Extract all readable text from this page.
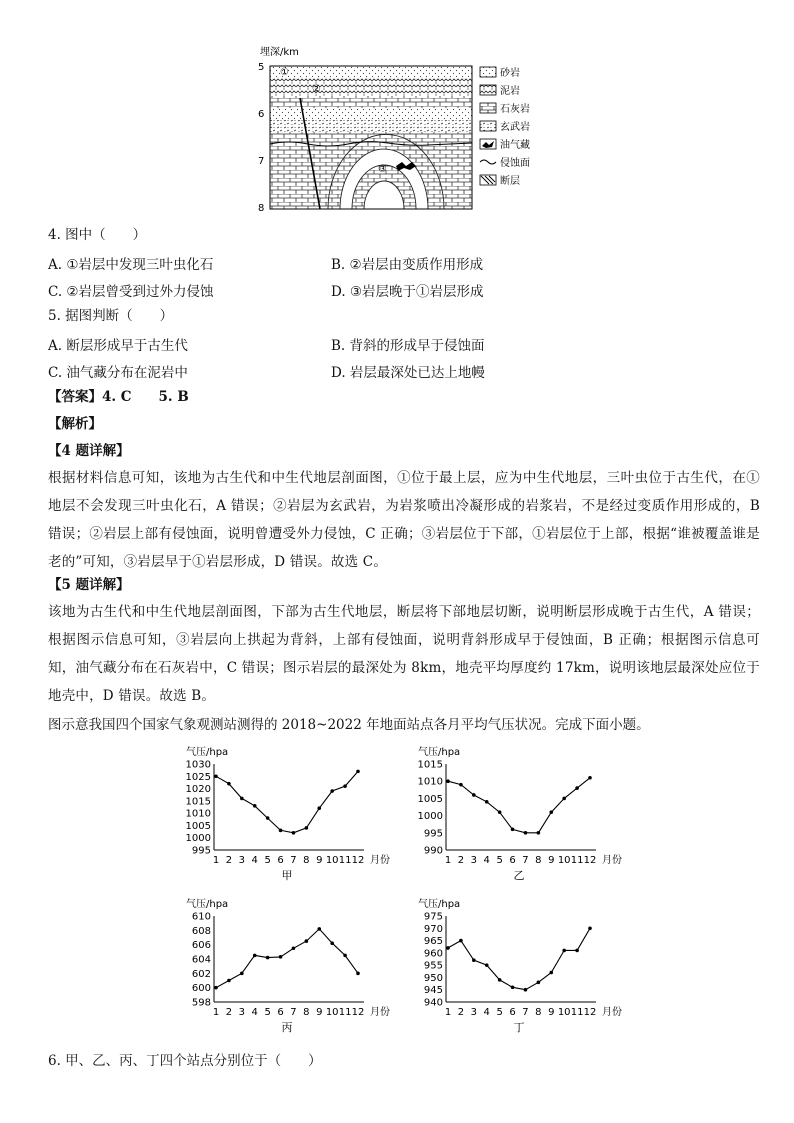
埋深/km
5
6
7
8
①
②
③
砂岩
泥岩
石灰岩
玄武岩
油气藏
侵蚀面
断层
4. 图中（　　）
A. ①岩层中发现三叶虫化石	B. ②岩层由变质作用形成
C. ②岩层曾受到过外力侵蚀	D. ③岩层晚于①岩层形成
5. 据图判断（　　）
A. 断层形成早于古生代	B. 背斜的形成早于侵蚀面
C. 油气藏分布在泥岩中	D. 岩层最深处已达上地幔
【答案】4. C　　5. B
【解析】
【4 题详解】
根据材料信息可知，该地为古生代和中生代地层剖面图，①位于最上层，应为中生代地层，三叶虫位于古生代，在①地层不会发现三叶虫化石，A 错误；②岩层为玄武岩，为岩浆喷出冷凝形成的岩浆岩，不是经过变质作用形成的，B 错误；②岩层上部有侵蚀面，说明曾遭受外力侵蚀，C 正确；③岩层位于下部，①岩层位于上部，根据“谁被覆盖谁是老的”可知，③岩层早于①岩层形成，D 错误。故选 C。
【5 题详解】
该地为古生代和中生代地层剖面图，下部为古生代地层，断层将下部地层切断，说明断层形成晚于古生代，A 错误；根据图示信息可知，③岩层向上拱起为背斜，上部有侵蚀面，说明背斜形成早于侵蚀面，B 正确；根据图示信息可知，油气藏分布在石灰岩中，C 错误；图示岩层的最深处为 8km，地壳平均厚度约 17km，说明该地层最深处应位于地壳中，D 错误。故选 B。
图示意我国四个国家气象观测站测得的 2018~2022 年地面站点各月平均气压状况。完成下面小题。
气压/hpa
995
1000
1005
1010
1015
1020
1025
1030
1 2 3 4 5 6 7 8 9 10 11 12 月份
甲
气压/hpa
990
995
1000
1005
1010
1015
1 2 3 4 5 6 7 8 9 10 11 12 月份
乙
气压/hpa
598
600
602
604
606
608
610
1 2 3 4 5 6 7 8 9 10 11 12 月份
丙
气压/hpa
940
945
950
955
960
965
970
975
1 2 3 4 5 6 7 8 9 10 11 12 月份
丁
6. 甲、乙、丙、丁四个站点分别位于（　　）
